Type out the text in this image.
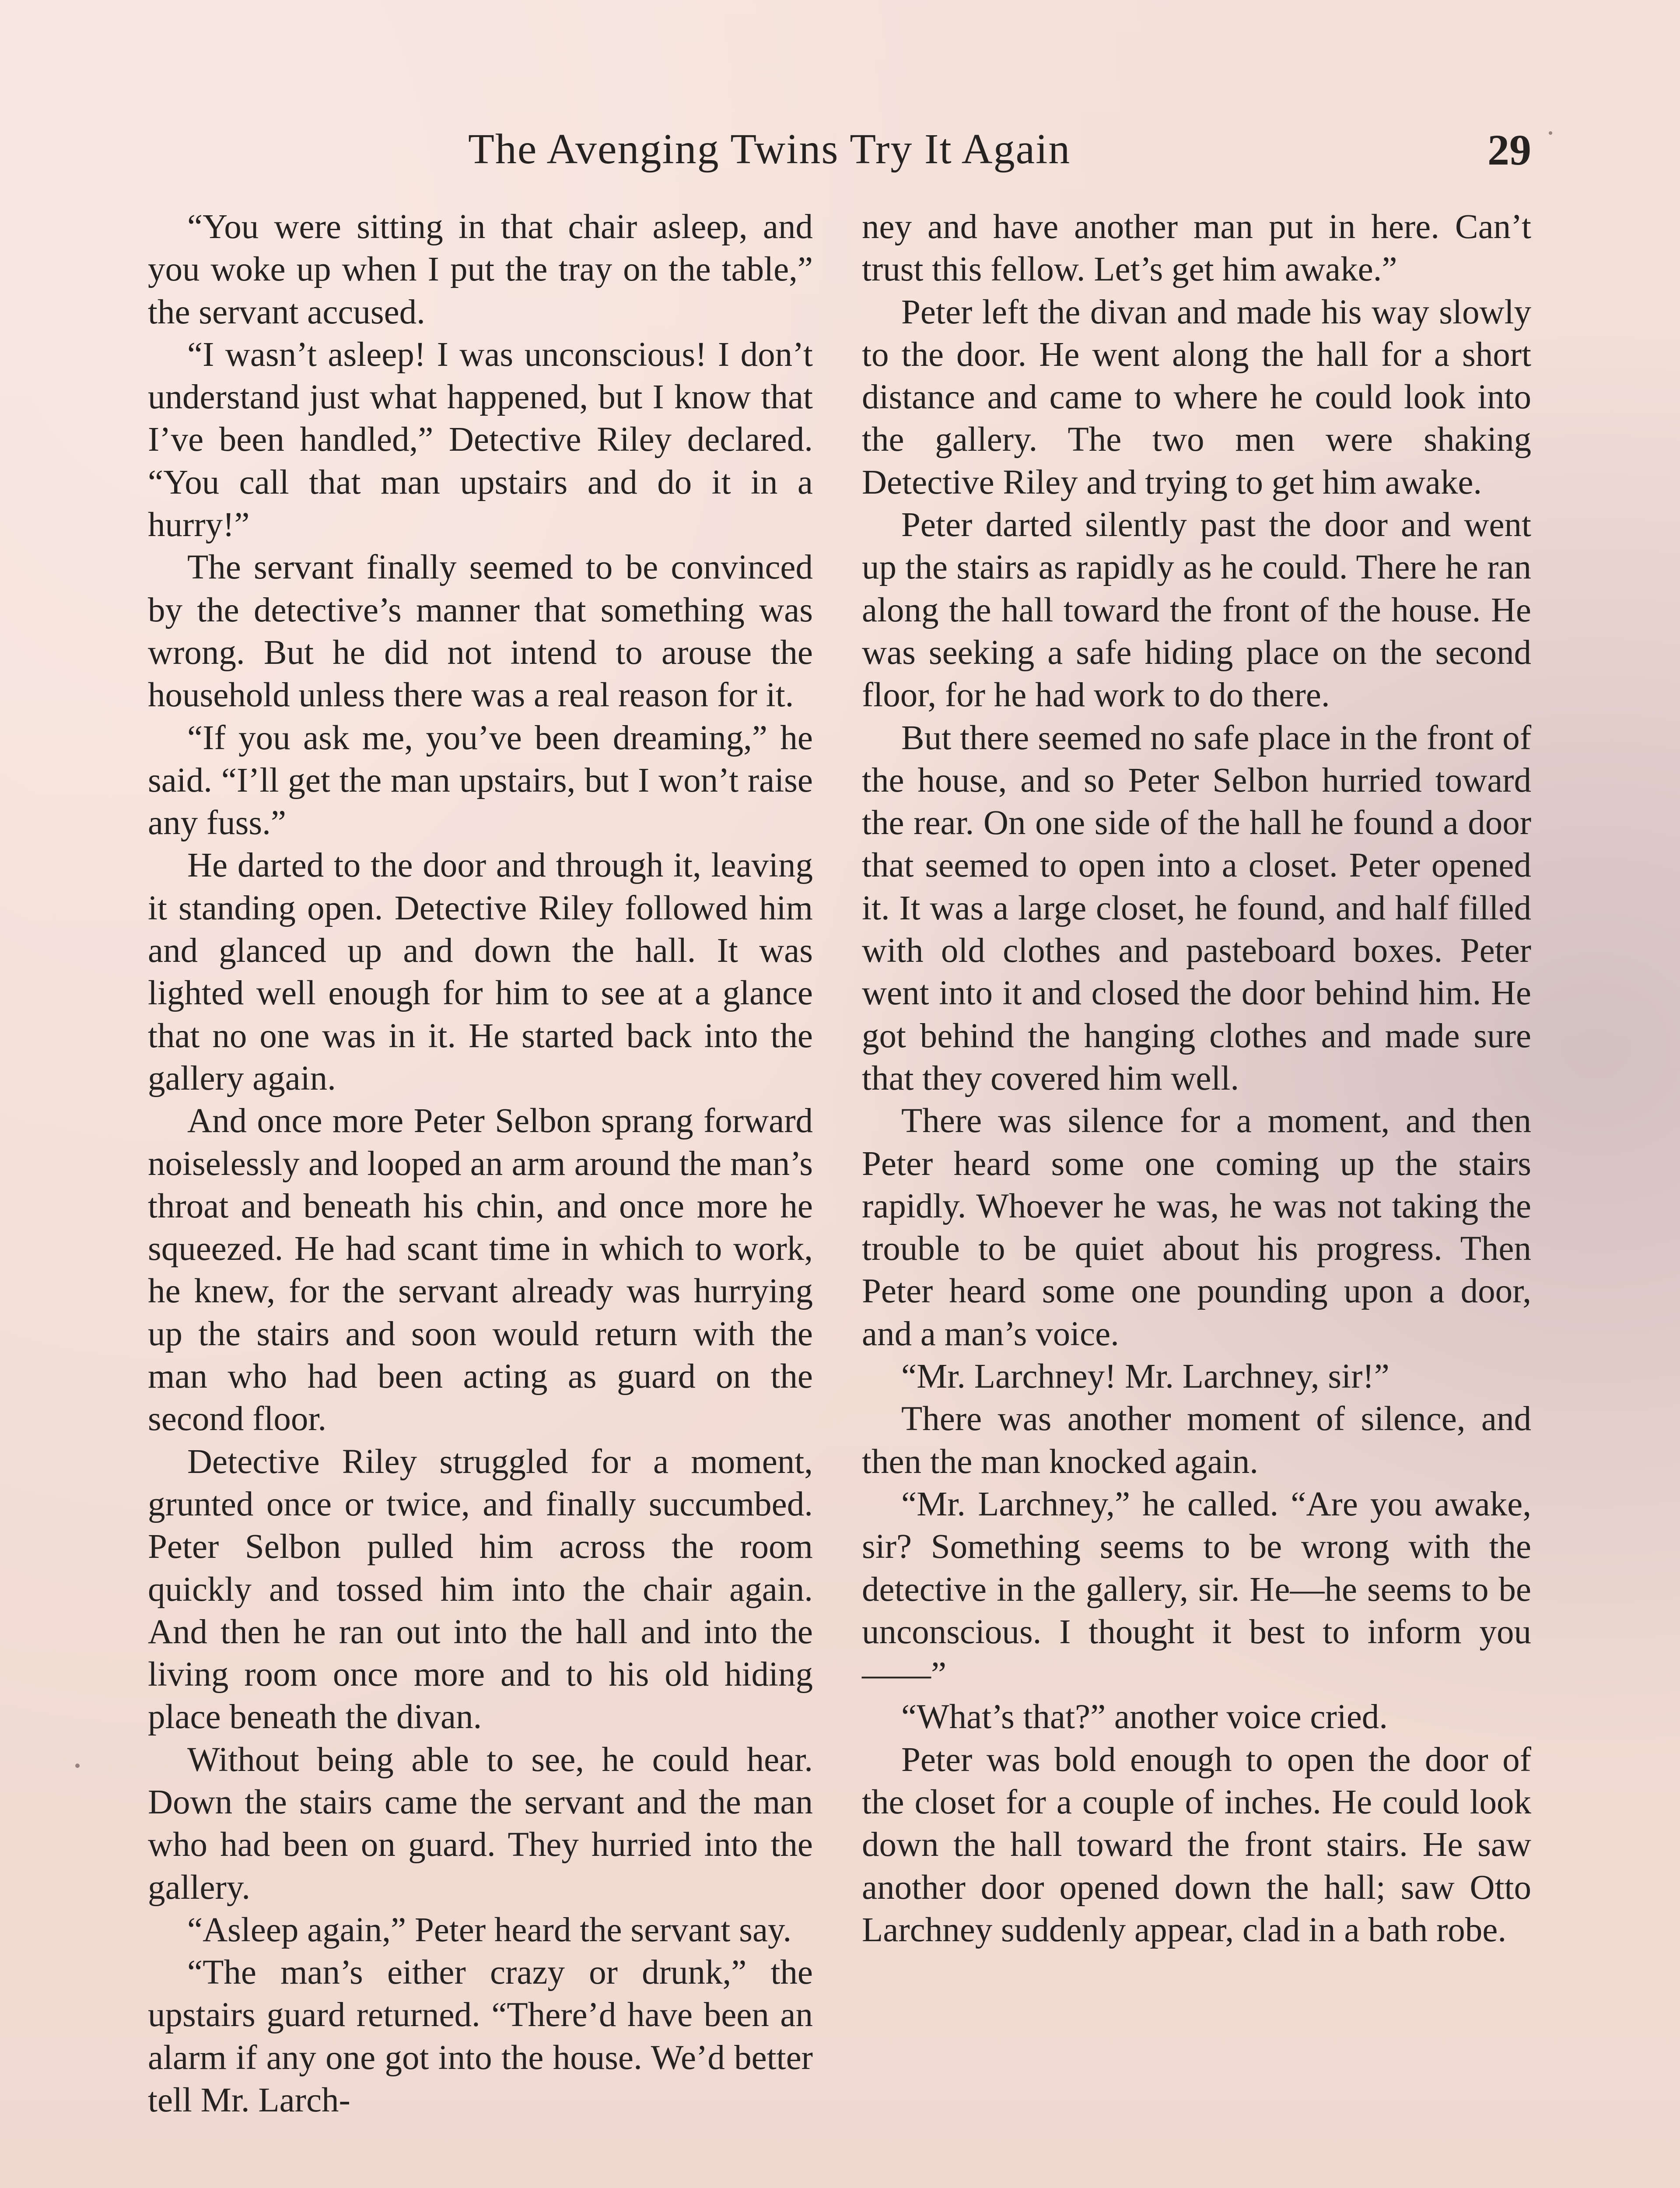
The Avenging Twins Try It Again	29

“You were sitting in that chair asleep, and you woke up when I put the tray on the table,” the servant accused.

“I wasn’t asleep! I was unconscious! I don’t understand just what happened, but I know that I’ve been handled,” Detective Riley declared. “You call that man upstairs and do it in a hurry!”

The servant finally seemed to be convinced by the detective’s manner that something was wrong. But he did not intend to arouse the household unless there was a real reason for it.

“If you ask me, you’ve been dreaming,” he said. “I’ll get the man upstairs, but I won’t raise any fuss.”

He darted to the door and through it, leaving it standing open. Detective Riley followed him and glanced up and down the hall. It was lighted well enough for him to see at a glance that no one was in it. He started back into the gallery again.

And once more Peter Selbon sprang forward noiselessly and looped an arm around the man’s throat and beneath his chin, and once more he squeezed. He had scant time in which to work, he knew, for the servant already was hurrying up the stairs and soon would return with the man who had been acting as guard on the second floor.

Detective Riley struggled for a moment, grunted once or twice, and finally succumbed. Peter Selbon pulled him across the room quickly and tossed him into the chair again. And then he ran out into the hall and into the living room once more and to his old hiding place beneath the divan.

Without being able to see, he could hear. Down the stairs came the servant and the man who had been on guard. They hurried into the gallery.

“Asleep again,” Peter heard the servant say.

“The man’s either crazy or drunk,” the upstairs guard returned. “There’d have been an alarm if any one got into the house. We’d better tell Mr. Larch-

ney and have another man put in here. Can’t trust this fellow. Let’s get him awake.”

Peter left the divan and made his way slowly to the door. He went along the hall for a short distance and came to where he could look into the gallery. The two men were shaking Detective Riley and trying to get him awake.

Peter darted silently past the door and went up the stairs as rapidly as he could. There he ran along the hall toward the front of the house. He was seeking a safe hiding place on the second floor, for he had work to do there.

But there seemed no safe place in the front of the house, and so Peter Selbon hurried toward the rear. On one side of the hall he found a door that seemed to open into a closet. Peter opened it. It was a large closet, he found, and half filled with old clothes and pasteboard boxes. Peter went into it and closed the door behind him. He got behind the hanging clothes and made sure that they covered him well.

There was silence for a moment, and then Peter heard some one coming up the stairs rapidly. Whoever he was, he was not taking the trouble to be quiet about his progress. Then Peter heard some one pounding upon a door, and a man’s voice.

“Mr. Larchney! Mr. Larchney, sir!”

There was another moment of silence, and then the man knocked again.

“Mr. Larchney,” he called. “Are you awake, sir? Something seems to be wrong with the detective in the gallery, sir. He—he seems to be unconscious. I thought it best to inform you——”

“What’s that?” another voice cried.

Peter was bold enough to open the door of the closet for a couple of inches. He could look down the hall toward the front stairs. He saw another door opened down the hall; saw Otto Larchney suddenly appear, clad in a bath robe.
